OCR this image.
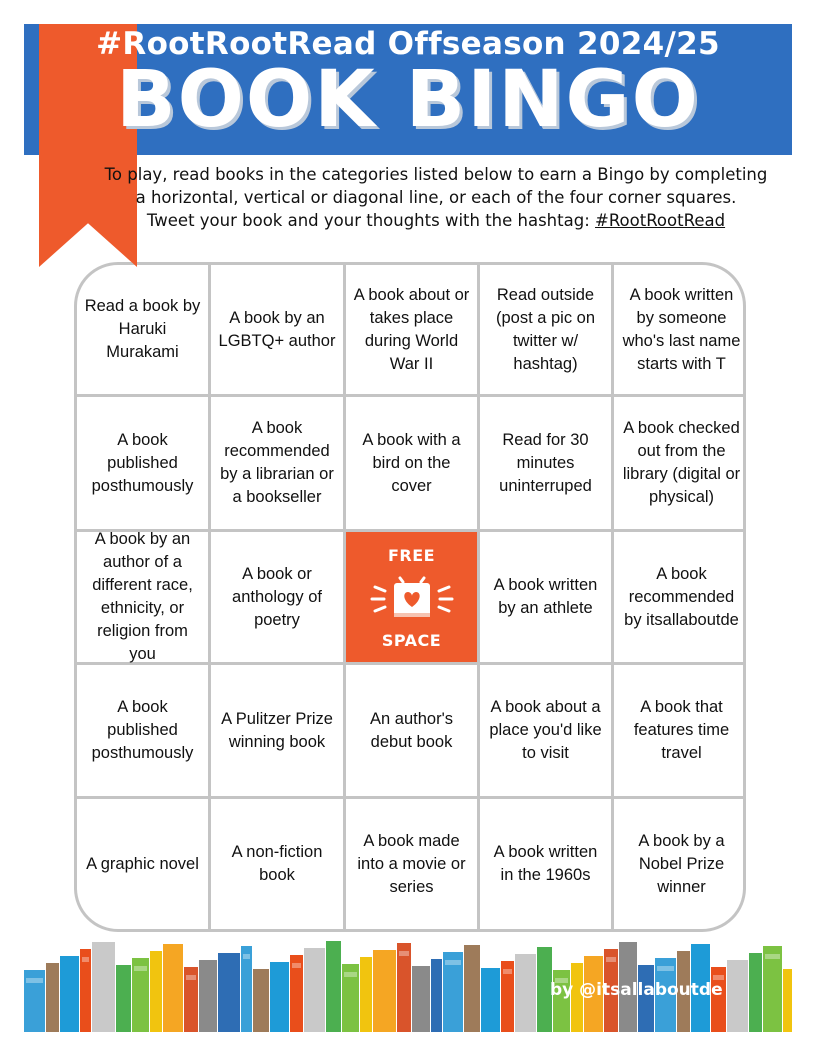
#RootRootRead Offseason 2024/25
BOOK BINGO
To play, read books in the categories listed below to earn a Bingo by completing
a horizontal, vertical or diagonal line, or each of the four corner squares.
Tweet your book and your thoughts with the hashtag: #RootRootRead
Read a book by Haruki Murakami
A book by an LGBTQ+ author
A book about or takes place during World War II
Read outside (post a pic on twitter w/ hashtag)
A book written by someone who's last name starts with T
A book published posthumously
A book recommended by a librarian or a bookseller
A book with a bird on the cover
Read for 30 minutes uninterruped
A book checked out from the library (digital or physical)
A book by an author of a different race, ethnicity, or religion from you
A book or anthology of poetry
FREE
SPACE
A book written by an athlete
A book recommended by itsallaboutde
A book published posthumously
A Pulitzer Prize winning book
An author's debut book
A book about a place you'd like to visit
A book that features time travel
A graphic novel
A non-fiction book
A book made into a movie or series
A book written in the 1960s
A book by a Nobel Prize winner
by @itsallaboutde
